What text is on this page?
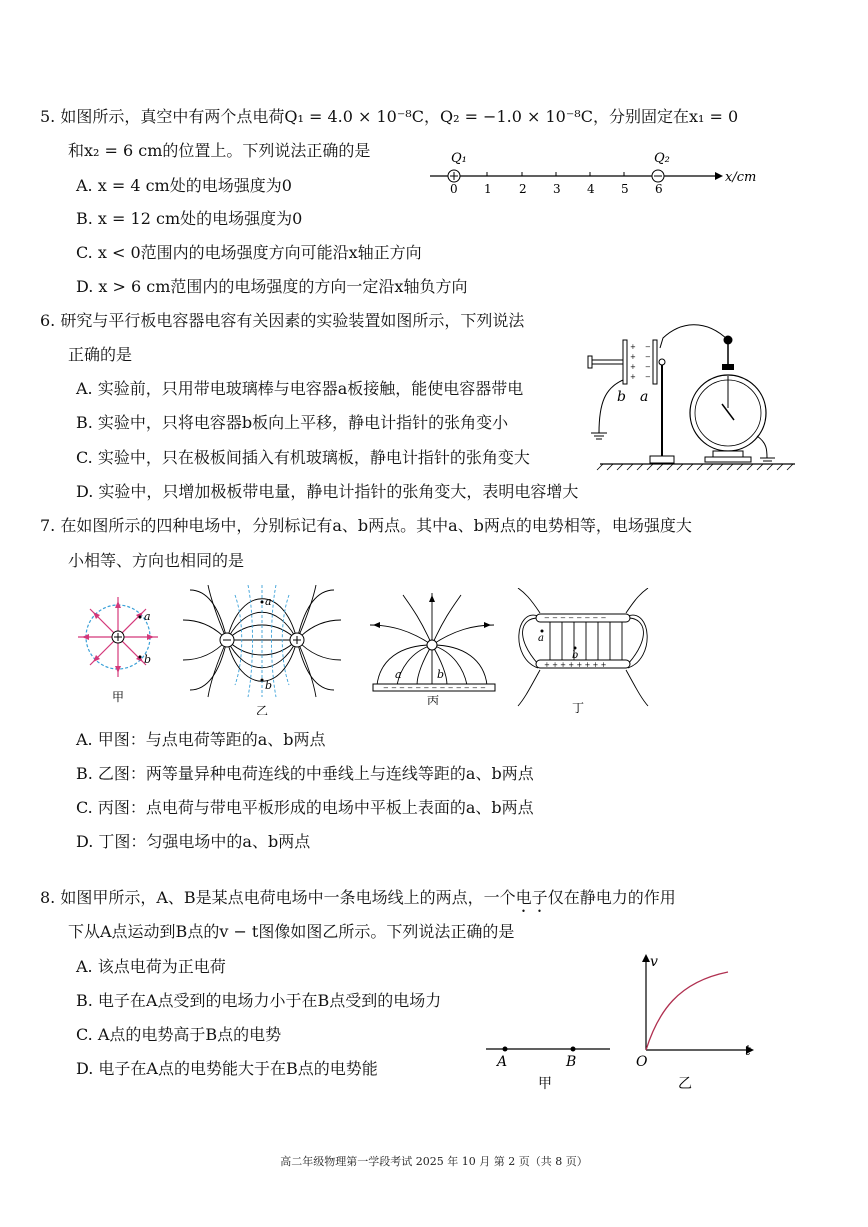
5. 如图所示，真空中有两个点电荷Q₁ = 4.0 × 10⁻⁸C，Q₂ = −1.0 × 10⁻⁸C，分别固定在x₁ = 0
和x₂ = 6 cm的位置上。下列说法正确的是
A. x = 4 cm处的电场强度为0
B. x = 12 cm处的电场强度为0
C. x < 0范围内的电场强度方向可能沿x轴正方向
D. x > 6 cm范围内的电场强度的方向一定沿x轴负方向
Q₁	Q₂
x/cm
0 1 2 3 4 5 6
6. 研究与平行板电容器电容有关因素的实验装置如图所示，下列说法
正确的是
A. 实验前，只用带电玻璃棒与电容器a板接触，能使电容器带电
B. 实验中，只将电容器b板向上平移，静电计指针的张角变小
C. 实验中，只在极板间插入有机玻璃板，静电计指针的张角变大
D. 实验中，只增加极板带电量，静电计指针的张角变大，表明电容增大
+
+
+
+
−
−
−
−
b a
7. 在如图所示的四种电场中，分别标记有a、b两点。其中a、b两点的电势相等，电场强度大
小相等、方向也相同的是
a
b
甲
a
b
乙
− − − − − − − − − − − − −
a	b
丙
− − − − − − − −
+ + + + + + + +
a
b
丁
A. 甲图：与点电荷等距的a、b两点
B. 乙图：两等量异种电荷连线的中垂线上与连线等距的a、b两点
C. 丙图：点电荷与带电平板形成的电场中平板上表面的a、b两点
D. 丁图：匀强电场中的a、b两点
8. 如图甲所示，A、B是某点电荷电场中一条电场线上的两点，一个电子仅在静电力的作用
下从A点运动到B点的v − t图像如图乙所示。下列说法正确的是
A. 该点电荷为正电荷
B. 电子在A点受到的电场力小于在B点受到的电场力
C. A点的电势高于B点的电势
D. 电子在A点的电势能大于在B点的电势能	A	B
甲
v
t
O
乙
高二年级物理第一学段考试 2025 年 10 月 第 2 页（共 8 页）
